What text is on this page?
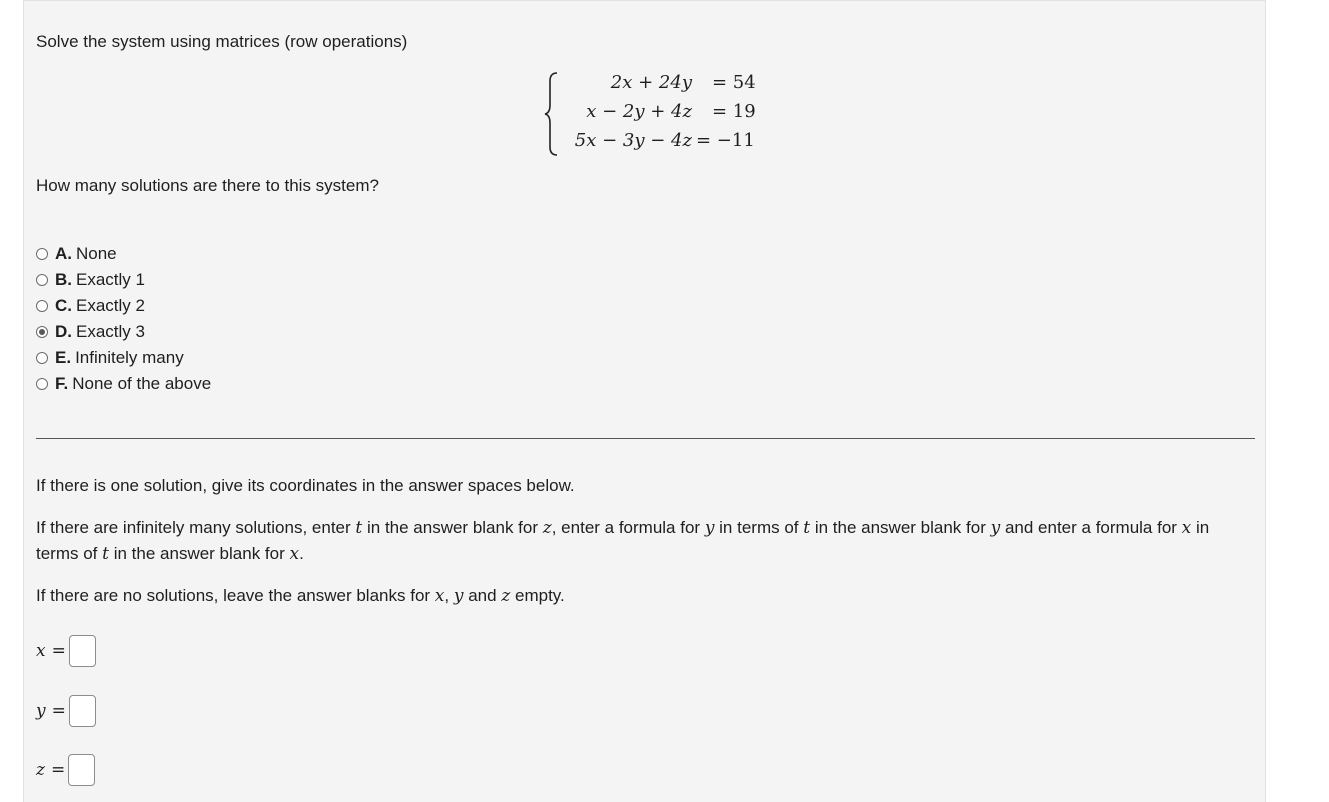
Solve the system using matrices (row operations)
2x + 24y = 54
x − 2y + 4z = 19
5x − 3y − 4z = −11
How many solutions are there to this system?
A. None
B. Exactly 1
C. Exactly 2
D. Exactly 3
E. Infinitely many
F. None of the above
If there is one solution, give its coordinates in the answer spaces below.
If there are infinitely many solutions, enter t in the answer blank for z, enter a formula for y in terms of t in the answer blank for y and enter a formula for x in terms of t in the answer blank for x.
If there are no solutions, leave the answer blanks for x, y and z empty.
x =
y =
z =
